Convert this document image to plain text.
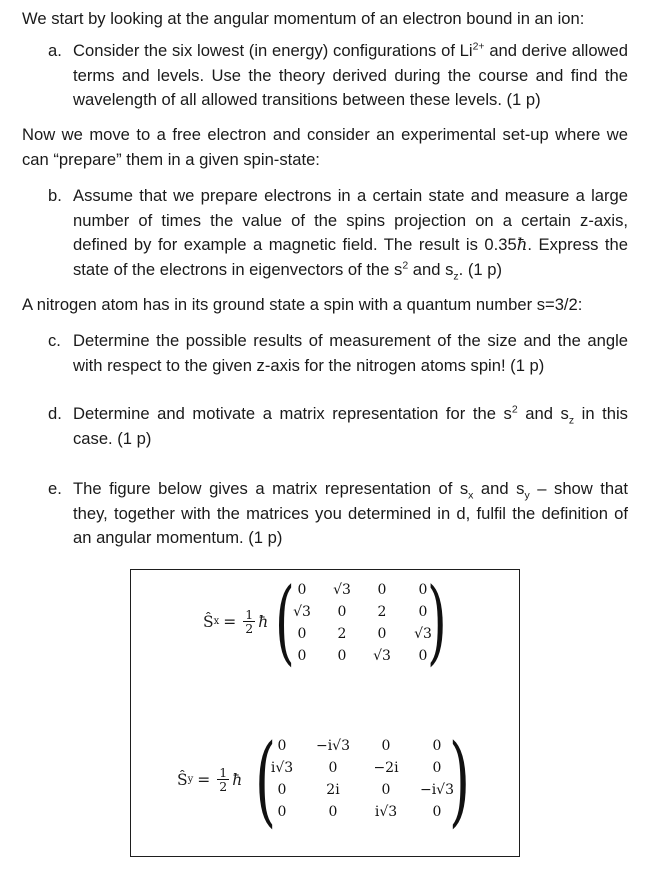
We start by looking at the angular momentum of an electron bound in an ion:
a. Consider the six lowest (in energy) configurations of $Li^{2+}$ and derive allowed terms and levels. Use the theory derived during the course and find the wavelength of all allowed transitions between these levels. (1 p)
Now we move to a free electron and consider an experimental set-up where we can “prepare” them in a given spin-state:
b. Assume that we prepare electrons in a certain state and measure a large number of times the value of the spins projection on a certain z-axis, defined by for example a magnetic field. The result is 0.35ħ. Express the state of the electrons in eigenvectors of the $s^2$ and $s_z$. (1 p)
A nitrogen atom has in its ground state a spin with a quantum number s=3/2:
c. Determine the possible results of measurement of the size and the angle with respect to the given z-axis for the nitrogen atoms spin! (1 p)
d. Determine and motivate a matrix representation for the $s^2$ and $s_z$ in this case. (1 p)
e. The figure below gives a matrix representation of $s_x$ and $s_y$ – show that they, together with the matrices you determined in d, fulfil the definition of an angular momentum. (1 p)
Ŝ $x = \frac{1}{2}$ ħ ( )
0 √3 0 0
√3 0 2 0
0 2 0 √3
0 0 √3 0
Ŝ $y = \frac{1}{2}$ ħ ( )
0 −i√3 0	0
i√3	0	−2i 0
0	2i	0 −i√3
0	0	i√3	0
